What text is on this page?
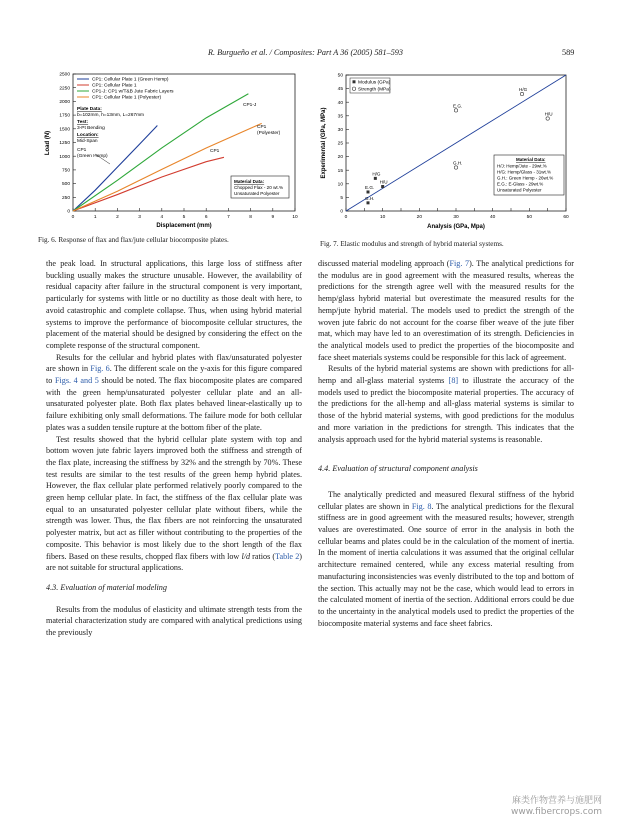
R. Burgueño et al. / Composites: Part A 36 (2005) 581–593	589
0
250
500
750
1000
1250
1500
1750
2000
2250
2500
0	1	2	3	4	5	6	7	8	9	10
CP1: Cellular Plate 1 (Green Hemp)
CP1: Cellular Plate 1
CP1-J: CP1 w/T&B Jute Fabric Layers
CP1: Cellular Plate 1 (Polyester)
Plate Data:
b=102mm, h=13mm, L=267mm
Test:
3-Pt Bending
Location:
Mid-Span
CP1
(Green Hemp)
CP1-J
CP1
(Polyester)
CP1
Material Data:
Chopped Flax - 20 wt.%
Unsaturated Polyester
Displacement (mm)
Load (N)
Fig. 6. Response of flax and flax/jute cellular biocomposite plates.
0
5
10
15
20
25
30
35
40
45
50
0	10	20	30	40	50	60
H/G
H/U
E.G.
G.H.
H/G
H/U
E.G.
G.H.
Modulus (GPa)
Strength (MPa)
Material Data:
H/J: Hemp/Jute - 29wt.%
H/G: Hemp/Glass - 31wt.%
G.H.: Green Hemp - 26wt.%
E.G.: E-Glass - 29wt.%
Unsaturated Polyester
Analysis (GPa, Mpa)
Experimental (GPa, MPa)
Fig. 7. Elastic modulus and strength of hybrid material systems.

the peak load. In structural applications, this large loss of stiffness after buckling usually makes the structure unusable. However, the availability of residual capacity after failure in the structural component is very important, particularly for systems with little or no ductility as those dealt with here, to avoid catastrophic and complete collapse. Thus, when using hybrid material systems to improve the performance of biocomposite cellular structures, the placement of the material should be designed by considering the effect on the complete response of the structural component.

Results for the cellular and hybrid plates with flax/unsaturated polyester are shown in Fig. 6. The different scale on the y-axis for this figure compared to Figs. 4 and 5 should be noted. The flax biocomposite plates are compared with the green hemp/unsaturated polyester cellular plate and an all-unsaturated polyester plate. Both flax plates behaved linear-elastically up to failure exhibiting only small deformations. The failure mode for both cellular plates was a sudden tensile rupture at the bottom fiber of the plate.

Test results showed that the hybrid cellular plate system with top and bottom woven jute fabric layers improved both the stiffness and strength of the flax plate, increasing the stiffness by 32% and the strength by 70%. These test results are similar to the test results of the green hemp hybrid plates. However, the flax cellular plate performed relatively poorly compared to the green hemp cellular plate. In fact, the stiffness of the flax cellular plate was equal to an unsaturated polyester cellular plate without fibers, while the strength was lower. Thus, the flax fibers are not reinforcing the unsaturated polyester matrix, but act as filler without contributing to the properties of the composite. This behavior is most likely due to the short length of the flax fibers. Based on these results, chopped flax fibers with low l/d ratios (Table 2) are not suitable for structural applications.

4.3. Evaluation of material modeling

Results from the modulus of elasticity and ultimate strength tests from the material characterization study are compared with analytical predictions using the previously

discussed material modeling approach (Fig. 7). The analytical predictions for the modulus are in good agreement with the measured results, whereas the predictions for the strength agree well with the measured results for the hemp/glass hybrid material but overestimate the measured results for the hemp/jute hybrid material. The models used to predict the strength of the woven jute fabric do not account for the coarse fiber weave of the jute fiber mat, which may have led to an overestimation of its strength. Deficiencies in the analytical models used to predict the properties of the biocomposite and face sheet materials systems could be responsible for this lack of agreement.

Results of the hybrid material systems are shown with predictions for all-hemp and all-glass material systems [8] to illustrate the accuracy of the models used to predict the biocomposite material properties. The accuracy of the predictions for the all-hemp and all-glass material systems is similar to those of the hybrid material systems, with good predictions for the modulus and more variation in the predictions for strength. This indicates that the analysis approach used for the hybrid material systems is reasonable.

4.4. Evaluation of structural component analysis

The analytically predicted and measured flexural stiffness of the hybrid cellular plates are shown in Fig. 8. The analytical predictions for the flexural stiffness are in good agreement with the measured results; however, strength values are overestimated. One source of error in the analysis in both the cellular beams and plates could be in the calculation of the moment of inertia. In the moment of inertia calculations it was assumed that the original cellular architecture remained centered, while any excess material resulting from manufacturing inconsistencies was evenly distributed to the top and bottom of the section. This actually may not be the case, which would lead to errors in the calculated moment of inertia of the section. Additional errors could be due to the uncertainty in the analytical models used to predict the properties of the biocomposite material systems and face sheet fabrics.

麻类作物营养与施肥网
www.fibercrops.com
